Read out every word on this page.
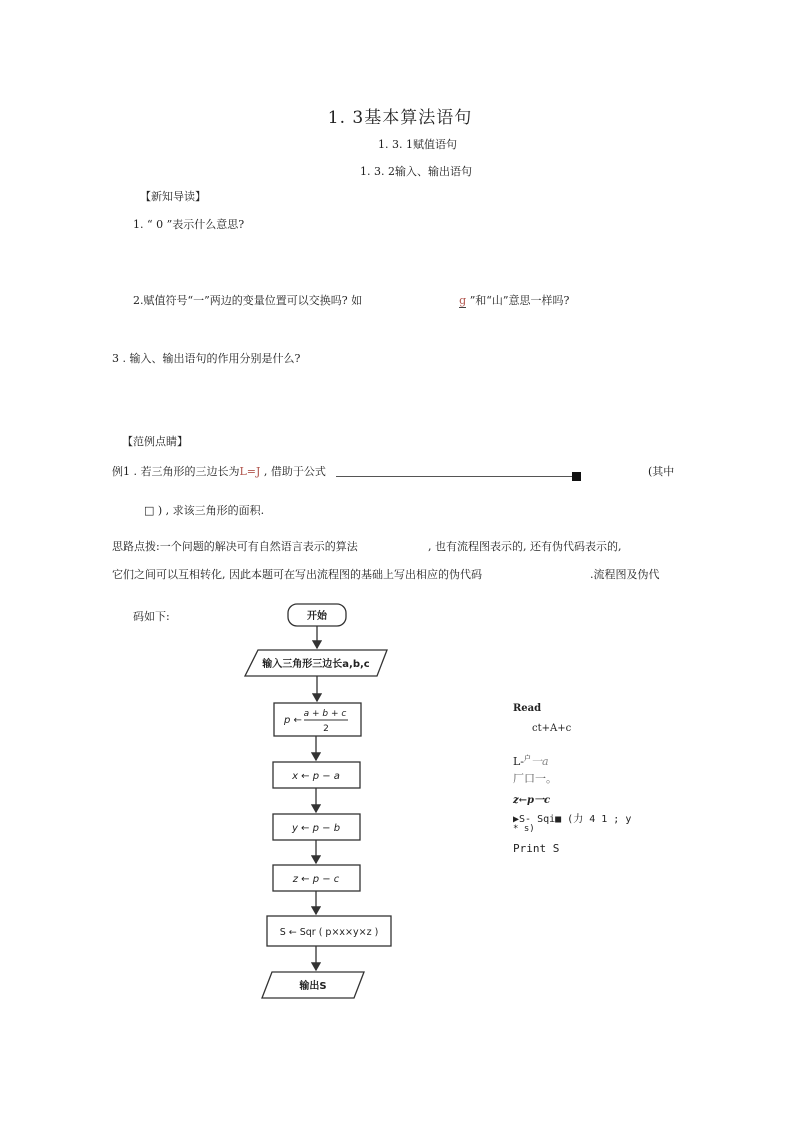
1. 3基本算法语句
1. 3. 1赋值语句
1. 3. 2输入、输出语句
【新知导读】
1. “ 0 ”表示什么意思?
2.赋值符号“一”两边的变量位置可以交换吗? 如	g ”和“山”意思一样吗?
3 . 输入、输出语句的作用分别是什么?
【范例点睛】
例1 . 若三角形的三边长为L=J , 借助于公式	(其中
□ ) , 求该三角形的面积.
思路点拨:一个问题的解决可有自然语言表示的算法	, 也有流程图表示的, 还有伪代码表示的,
它们之间可以互相转化, 因此本题可在写出流程图的基础上写出相应的伪代码	.流程图及伪代
码如下:	开始
输入三角形三边长a,b,c
p ←
a + b + c
2
x ← p − a
y ← p − b
z ← p − c
S ← Sqr ( p×x×y×z )
输出S
Read
ct+A+c
L-$^户$一a
厂口一。
z←p一c
▶S- Sqi■ (力 4 1 ; y
* s)
Print S
